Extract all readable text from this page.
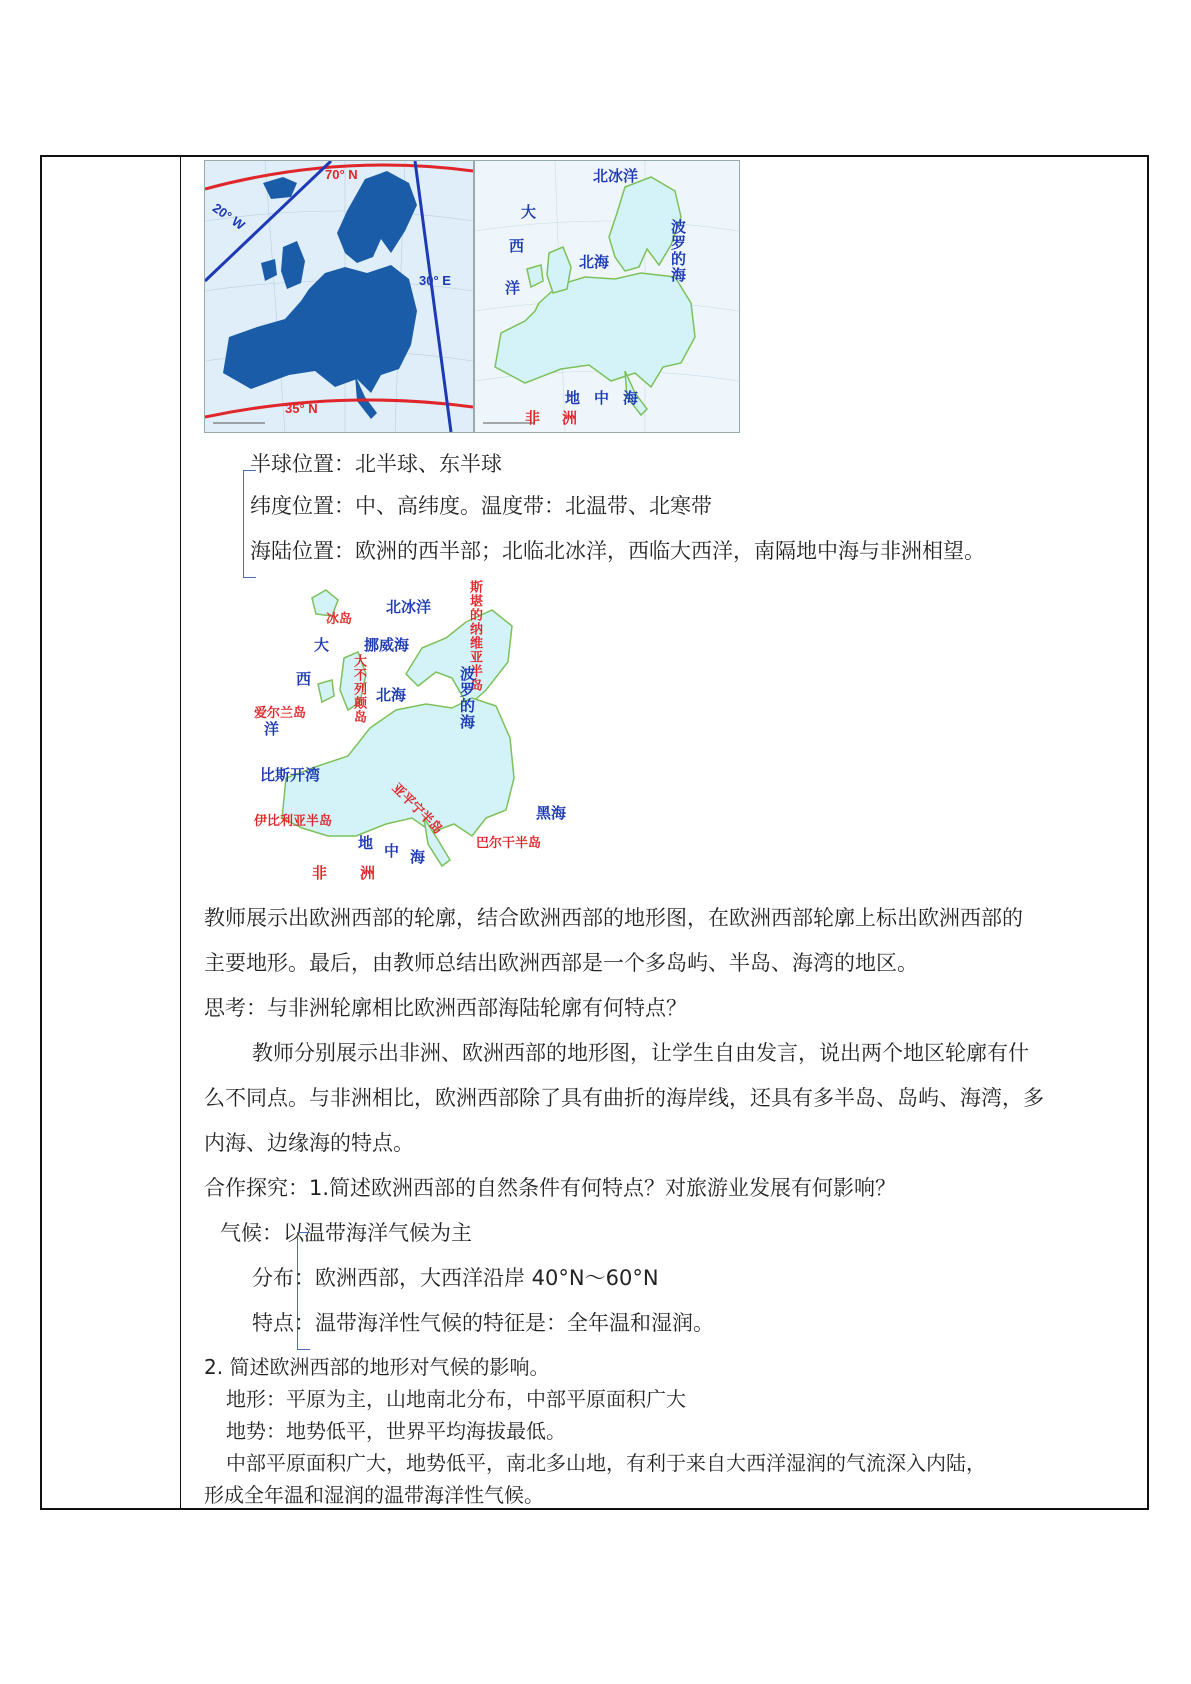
70° N
35° N
20° W
30° E
北冰洋
大
西
洋
北海	波罗的海
地中海
非洲
半球位置：北半球、东半球
纬度位置：中、高纬度。温度带：北温带、北寒带
海陆位置：欧洲的西半部；北临北冰洋，西临大西洋，南隔地中海与非洲相望。
冰岛
北冰洋
挪威海	斯堪的纳维亚半岛
大
西
洋
大不列颠岛 北海	波罗的海
爱尔兰岛
比斯开湾
黑海
伊比利亚半岛	亚平宁半岛
巴尔干半岛
地 中 海
非 洲
教师展示出欧洲西部的轮廓，结合欧洲西部的地形图，在欧洲西部轮廓上标出欧洲西部的
主要地形。最后，由教师总结出欧洲西部是一个多岛屿、半岛、海湾的地区。
思考：与非洲轮廓相比欧洲西部海陆轮廓有何特点？
教师分别展示出非洲、欧洲西部的地形图，让学生自由发言，说出两个地区轮廓有什
么不同点。与非洲相比，欧洲西部除了具有曲折的海岸线，还具有多半岛、岛屿、海湾，多
内海、边缘海的特点。
合作探究：1.简述欧洲西部的自然条件有何特点？对旅游业发展有何影响？
气候：以温带海洋气候为主
分布：欧洲西部，大西洋沿岸 40°N～60°N
特点：温带海洋性气候的特征是：全年温和湿润。
2. 简述欧洲西部的地形对气候的影响。
地形：平原为主，山地南北分布，中部平原面积广大
地势：地势低平，世界平均海拔最低。
中部平原面积广大，地势低平，南北多山地，有利于来自大西洋湿润的气流深入内陆，
形成全年温和湿润的温带海洋性气候。
